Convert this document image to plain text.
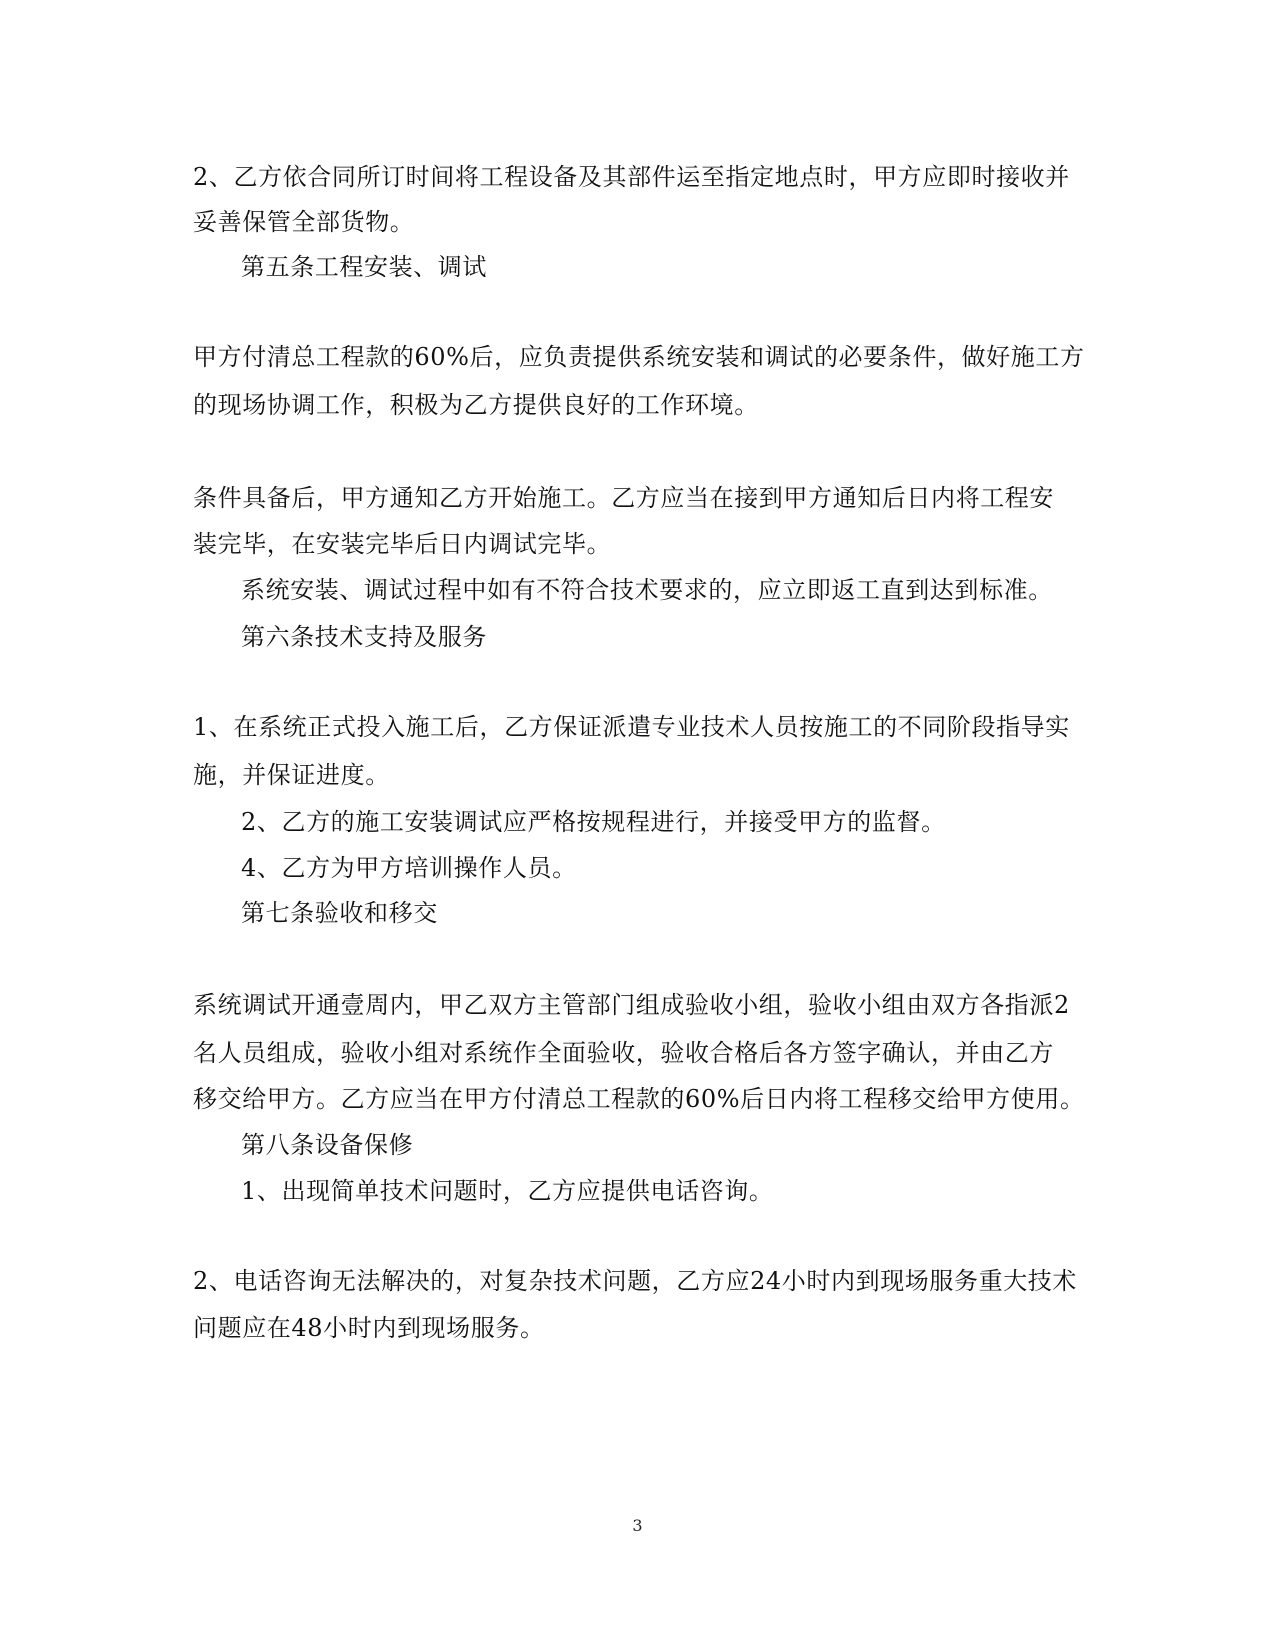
2、乙方依合同所订时间将工程设备及其部件运至指定地点时，甲方应即时接收并
妥善保管全部货物。
第五条工程安装、调试
甲方付清总工程款的60%后，应负责提供系统安装和调试的必要条件，做好施工方
的现场协调工作，积极为乙方提供良好的工作环境。
条件具备后，甲方通知乙方开始施工。乙方应当在接到甲方通知后日内将工程安
装完毕，在安装完毕后日内调试完毕。
系统安装、调试过程中如有不符合技术要求的，应立即返工直到达到标准。
第六条技术支持及服务
1、在系统正式投入施工后，乙方保证派遣专业技术人员按施工的不同阶段指导实
施，并保证进度。
2、乙方的施工安装调试应严格按规程进行，并接受甲方的监督。
4、乙方为甲方培训操作人员。
第七条验收和移交
系统调试开通壹周内，甲乙双方主管部门组成验收小组，验收小组由双方各指派2
名人员组成，验收小组对系统作全面验收，验收合格后各方签字确认，并由乙方
移交给甲方。乙方应当在甲方付清总工程款的60%后日内将工程移交给甲方使用。
第八条设备保修
1、出现简单技术问题时，乙方应提供电话咨询。
2、电话咨询无法解决的，对复杂技术问题，乙方应24小时内到现场服务重大技术
问题应在48小时内到现场服务。
3
